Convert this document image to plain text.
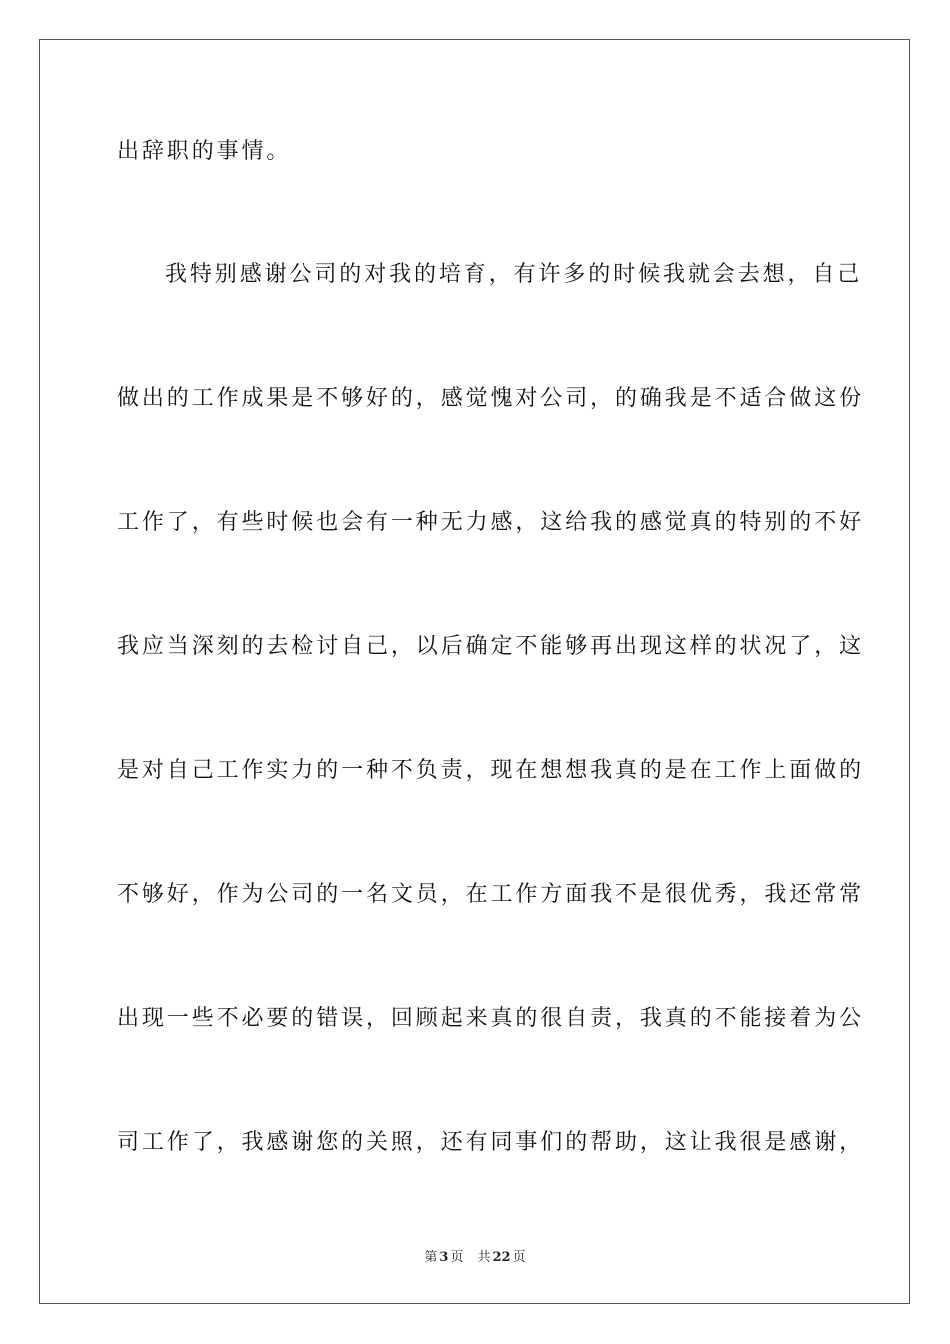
出辞职的事情。
我特别感谢公司的对我的培育，有许多的时候我就会去想，自己
做出的工作成果是不够好的，感觉愧对公司，的确我是不适合做这份
工作了，有些时候也会有一种无力感，这给我的感觉真的特别的不好
我应当深刻的去检讨自己，以后确定不能够再出现这样的状况了，这
是对自己工作实力的一种不负责，现在想想我真的是在工作上面做的
不够好，作为公司的一名文员，在工作方面我不是很优秀，我还常常
出现一些不必要的错误，回顾起来真的很自责，我真的不能接着为公
司工作了，我感谢您的关照，还有同事们的帮助，这让我很是感谢，
第 3 页 共 22 页
